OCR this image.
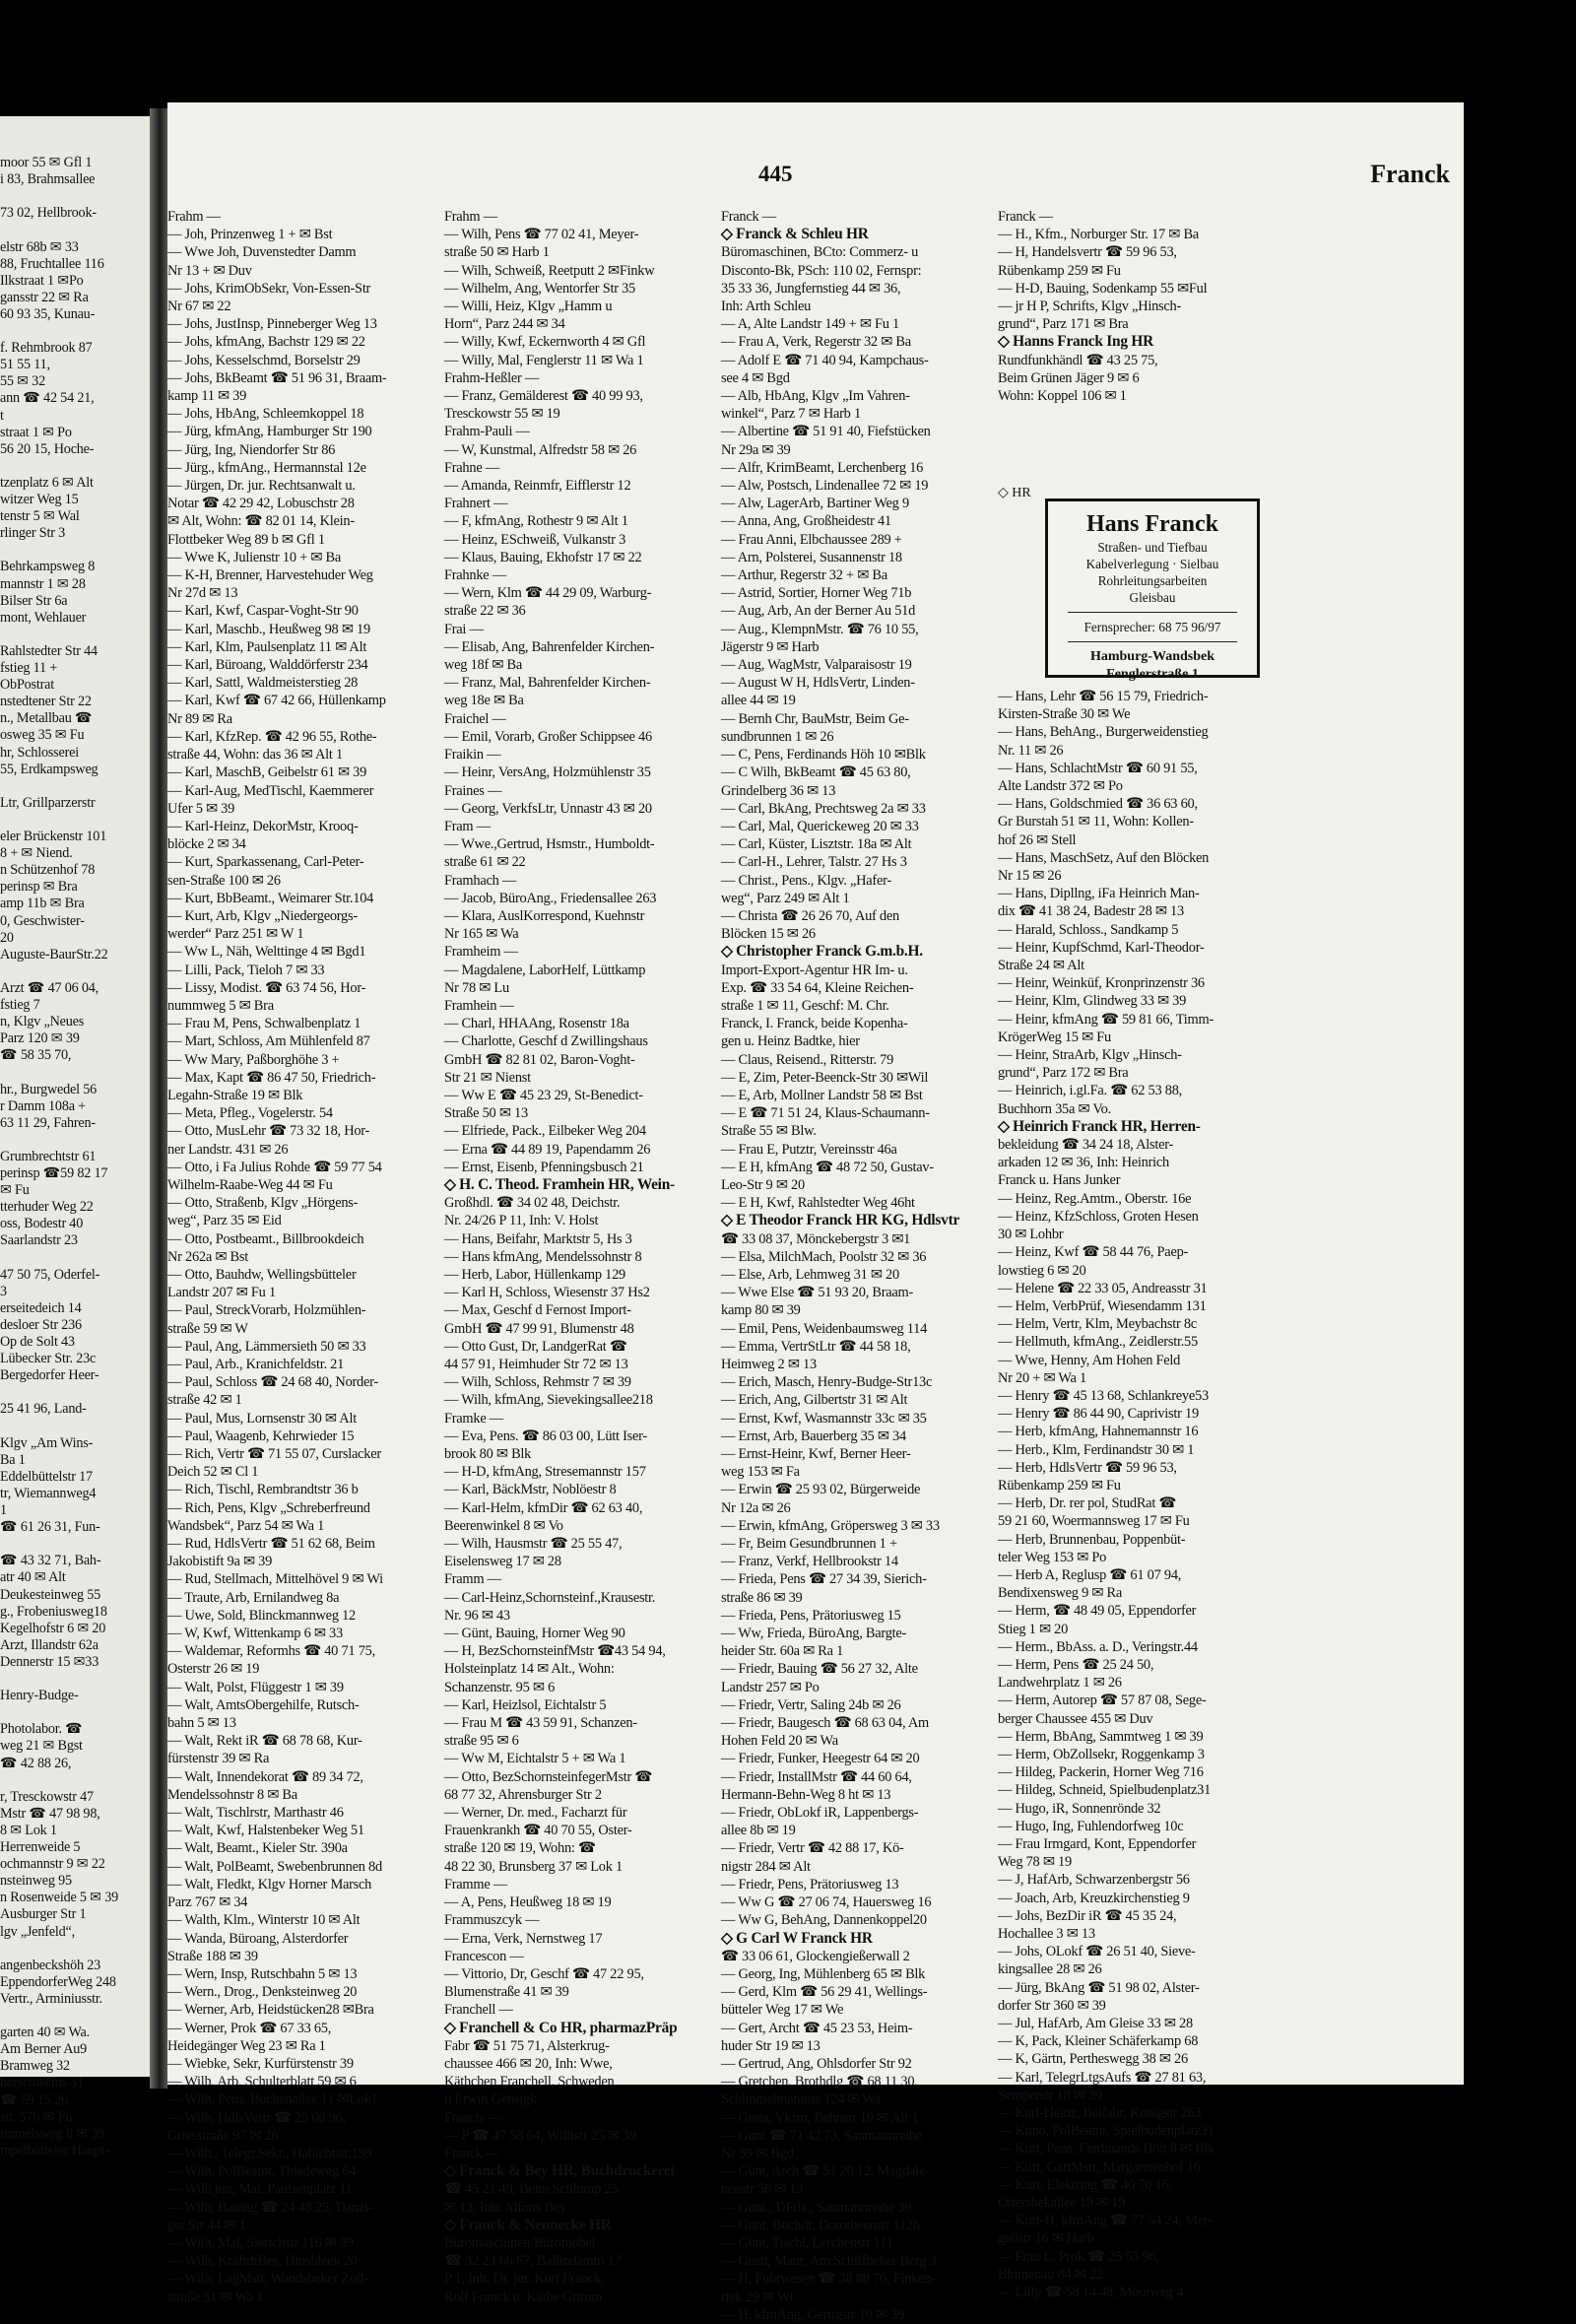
moor 55 ✉ Gfl 1
i 83, Brahmsallee
73 02, Hellbrook-
elstr 68b ✉ 33
88, Fruchtallee 116
Ilkstraat 1 ✉Po
gansstr 22 ✉ Ra
60 93 35, Kunau-
f. Rehmbrook 87
51 55 11,
55 ✉ 32
ann ☎ 42 54 21,
t
straat 1 ✉ Po
56 20 15, Hoche-
tzenplatz 6 ✉ Alt
witzer Weg 15
tenstr 5 ✉ Wal
rlinger Str 3
Behrkampsweg 8
mannstr 1 ✉ 28
Bilser Str 6a
mont, Wehlauer
Rahlstedter Str 44
fstieg 11 +
ObPostrat
nstedtener Str 22
n., Metallbau ☎
osweg 35 ✉ Fu
hr, Schlosserei
55, Erdkampsweg
Ltr, Grillparzerstr
eler Brückenstr 101
8 + ✉ Niend.
n Schützenhof 78
perinsp ✉ Bra
amp 11b ✉ Bra
0, Geschwister-
20
Auguste-BaurStr.22
Arzt ☎ 47 06 04,
fstieg 7
n, Klgv „Neues
Parz 120 ✉ 39
☎ 58 35 70,
hr., Burgwedel 56
r Damm 108a +
63 11 29, Fahren-
Grumbrechtstr 61
perinsp ☎59 82 17
✉ Fu
tterhuder Weg 22
oss, Bodestr 40
Saarlandstr 23
47 50 75, Oderfel-
3
erseitedeich 14
desloer Str 236
Op de Solt 43
Lübecker Str. 23c
Bergedorfer Heer-
25 41 96, Land-
Klgv „Am Wins-
Ba 1
Eddelbüttelstr 17
tr, Wiemannweg4
1
☎ 61 26 31, Fun-
☎ 43 32 71, Bah-
atr 40 ✉ Alt
Deukesteinweg 55
g., Frobeniusweg18
Kegelhofstr 6 ✉ 20
Arzt, Illandstr 62a
Dennerstr 15 ✉33
Henry-Budge-
Photolabor. ☎
weg 21 ✉ Bgst
☎ 42 88 26,
r, Tresckowstr 47
Mstr ☎ 47 98 98,
8 ✉ Lok 1
Herrenweide 5
ochmannstr 9 ✉ 22
nsteinweg 95
n Rosenweide 5 ✉ 39
Ausburger Str 1
lgv „Jenfeld“,
angenbeckshöh 23
EppendorferWeg 248
Vertr., Arminiusstr.
garten 40 ✉ Wa.
Am Berner Au9
Bramweg 32
berschleems 31
☎ 59 15 26,
str. 576 ✉ Fu.
immelsweg 8 ✉ 39
mpelbütteler Haupt-
445	Franck
Frahm —
— Joh, Prinzenweg 1 + ✉ Bst
— Wwe Joh, Duvenstedter Damm
Nr 13 + ✉ Duv
— Johs, KrimObSekr, Von-Essen-Str
Nr 67 ✉ 22
— Johs, JustInsp, Pinneberger Weg 13
— Johs, kfmAng, Bachstr 129 ✉ 22
— Johs, Kesselschmd, Borselstr 29
— Johs, BkBeamt ☎ 51 96 31, Braam-
kamp 11 ✉ 39
— Johs, HbAng, Schleemkoppel 18
— Jürg, kfmAng, Hamburger Str 190
— Jürg, Ing, Niendorfer Str 86
— Jürg., kfmAng., Hermannstal 12e
— Jürgen, Dr. jur. Rechtsanwalt u.
Notar ☎ 42 29 42, Lobuschstr 28
✉ Alt, Wohn: ☎ 82 01 14, Klein-
Flottbeker Weg 89 b ✉ Gfl 1
— Wwe K, Julienstr 10 + ✉ Ba
— K-H, Brenner, Harvestehuder Weg
Nr 27d ✉ 13
— Karl, Kwf, Caspar-Voght-Str 90
— Karl, Maschb., Heußweg 98 ✉ 19
— Karl, Klm, Paulsenplatz 11 ✉ Alt
— Karl, Büroang, Walddörferstr 234
— Karl, Sattl, Waldmeisterstieg 28
— Karl, Kwf ☎ 67 42 66, Hüllenkamp
Nr 89 ✉ Ra
— Karl, KfzRep. ☎ 42 96 55, Rothe-
straße 44, Wohn: das 36 ✉ Alt 1
— Karl, MaschB, Geibelstr 61 ✉ 39
— Karl-Aug, MedTischl, Kaemmerer
Ufer 5 ✉ 39
— Karl-Heinz, DekorMstr, Krooq-
blöcke 2 ✉ 34
— Kurt, Sparkassenang, Carl-Peter-
sen-Straße 100 ✉ 26
— Kurt, BbBeamt., Weimarer Str.104
— Kurt, Arb, Klgv „Niedergeorgs-
werder“ Parz 251 ✉ W 1
— Ww L, Näh, Welttinge 4 ✉ Bgd1
— Lilli, Pack, Tieloh 7 ✉ 33
— Lissy, Modist. ☎ 63 74 56, Hor-
nummweg 5 ✉ Bra
— Frau M, Pens, Schwalbenplatz 1
— Mart, Schloss, Am Mühlenfeld 87
— Ww Mary, Paßborghöhe 3 +
— Max, Kapt ☎ 86 47 50, Friedrich-
Legahn-Straße 19 ✉ Blk
— Meta, Pfleg., Vogelerstr. 54
— Otto, MusLehr ☎ 73 32 18, Hor-
ner Landstr. 431 ✉ 26
— Otto, i Fa Julius Rohde ☎ 59 77 54
Wilhelm-Raabe-Weg 44 ✉ Fu
— Otto, Straßenb, Klgv „Hörgens-
weg“, Parz 35 ✉ Eid
— Otto, Postbeamt., Billbrookdeich
Nr 262a ✉ Bst
— Otto, Bauhdw, Wellingsbütteler
Landstr 207 ✉ Fu 1
— Paul, StreckVorarb, Holzmühlen-
straße 59 ✉ W
— Paul, Ang, Lämmersieth 50 ✉ 33
— Paul, Arb., Kranichfeldstr. 21
— Paul, Schloss ☎ 24 68 40, Norder-
straße 42 ✉ 1
— Paul, Mus, Lornsenstr 30 ✉ Alt
— Paul, Waagenb, Kehrwieder 15
— Rich, Vertr ☎ 71 55 07, Curslacker
Deich 52 ✉ Cl 1
— Rich, Tischl, Rembrandtstr 36 b
— Rich, Pens, Klgv „Schreberfreund
Wandsbek“, Parz 54 ✉ Wa 1
— Rud, HdlsVertr ☎ 51 62 68, Beim
Jakobistift 9a ✉ 39
— Rud, Stellmach, Mittelhövel 9 ✉ Wi
— Traute, Arb, Ernilandweg 8a
— Uwe, Sold, Blinckmannweg 12
— W, Kwf, Wittenkamp 6 ✉ 33
— Waldemar, Reformhs ☎ 40 71 75,
Osterstr 26 ✉ 19
— Walt, Polst, Flüggestr 1 ✉ 39
— Walt, AmtsObergehilfe, Rutsch-
bahn 5 ✉ 13
— Walt, Rekt iR ☎ 68 78 68, Kur-
fürstenstr 39 ✉ Ra
— Walt, Innendekorat ☎ 89 34 72,
Mendelssohnstr 8 ✉ Ba
— Walt, Tischlrstr, Marthastr 46
— Walt, Kwf, Halstenbeker Weg 51
— Walt, Beamt., Kieler Str. 390a
— Walt, PolBeamt, Swebenbrunnen 8d
— Walt, Fledkt, Klgv Horner Marsch
Parz 767 ✉ 34
— Walth, Klm., Winterstr 10 ✉ Alt
— Wanda, Büroang, Alsterdorfer
Straße 188 ✉ 39
— Wern, Insp, Rutschbahn 5 ✉ 13
— Wern., Drog., Denksteinweg 20
— Werner, Arb, Heidstücken28 ✉Bra
— Werner, Prok ☎ 67 33 65,
Heidegänger Weg 23 ✉ Ra 1
— Wiebke, Sekr, Kurfürstenstr 39
— Wilh, Arb, Schulterblatt 59 ✉ 6
— Wilh, Pens, Buchenallee 11 ✉Lok1
— Wilh, HdlsVertr ☎ 25 06 96,
Griesstraße 97 ✉ 26
— Wilh., Telegr.Sekr., Habichtstr.139
— Wilh, PolBeamt, Thiedeweg 64
— Wilh jun, Mal, Paulsenplatz 11
— Wilh, Bauing ☎ 24 48 25, Danzi-
ger Str 44 ✉ 1
— Wilh, Mal, Sierichstr 116 ✉ 39
— Wilh, KraftdrBes, Hinsbleek 20
— Wilh, LagMstr, Wandsbeker Zoll-
straße 51 ✉ Wa 1
Frahm —
— Wilh, Pens ☎ 77 02 41, Meyer-
straße 50 ✉ Harb 1
— Wilh, Schweiß, Reetputt 2 ✉Finkw
— Wilhelm, Ang, Wentorfer Str 35
— Willi, Heiz, Klgv „Hamm u
Horn“, Parz 244 ✉ 34
— Willy, Kwf, Eckernworth 4 ✉ Gfl
— Willy, Mal, Fenglerstr 11 ✉ Wa 1
Frahm-Heßler —
— Franz, Gemälderest ☎ 40 99 93,
Tresckowstr 55 ✉ 19
Frahm-Pauli —
— W, Kunstmal, Alfredstr 58 ✉ 26
Frahne —
— Amanda, Reinmfr, Eifflerstr 12
Frahnert —
— F, kfmAng, Rothestr 9 ✉ Alt 1
— Heinz, ESchweiß, Vulkanstr 3
— Klaus, Bauing, Ekhofstr 17 ✉ 22
Frahnke —
— Wern, Klm ☎ 44 29 09, Warburg-
straße 22 ✉ 36
Frai —
— Elisab, Ang, Bahrenfelder Kirchen-
weg 18f ✉ Ba
— Franz, Mal, Bahrenfelder Kirchen-
weg 18e ✉ Ba
Fraichel —
— Emil, Vorarb, Großer Schippsee 46
Fraikin —
— Heinr, VersAng, Holzmühlenstr 35
Fraines —
— Georg, VerkfsLtr, Unnastr 43 ✉ 20
Fram —
— Wwe.,Gertrud, Hsmstr., Humboldt-
straße 61 ✉ 22
Framhach —
— Jacob, BüroAng., Friedensallee 263
— Klara, AuslKorrespond, Kuehnstr
Nr 165 ✉ Wa
Framheim —
— Magdalene, LaborHelf, Lüttkamp
Nr 78 ✉ Lu
Framhein —
— Charl, HHAAng, Rosenstr 18a
— Charlotte, Geschf d Zwillingshaus
GmbH ☎ 82 81 02, Baron-Voght-
Str 21 ✉ Nienst
— Ww E ☎ 45 23 29, St-Benedict-
Straße 50 ✉ 13
— Elfriede, Pack., Eilbeker Weg 204
— Erna ☎ 44 89 19, Papendamm 26
— Ernst, Eisenb, Pfenningsbusch 21
◇ H. C. Theod. Framhein HR, Wein-
Großhdl. ☎ 34 02 48, Deichstr.
Nr. 24/26 P 11, Inh: V. Holst
— Hans, Beifahr, Marktstr 5, Hs 3
— Hans kfmAng, Mendelssohnstr 8
— Herb, Labor, Hüllenkamp 129
— Karl H, Schloss, Wiesenstr 37 Hs2
— Max, Geschf d Fernost Import-
GmbH ☎ 47 99 91, Blumenstr 48
— Otto Gust, Dr, LandgerRat ☎
44 57 91, Heimhuder Str 72 ✉ 13
— Wilh, Schloss, Rehmstr 7 ✉ 39
— Wilh, kfmAng, Sievekingsallee218
Framke —
— Eva, Pens. ☎ 86 03 00, Lütt Iser-
brook 80 ✉ Blk
— H-D, kfmAng, Stresemannstr 157
— Karl, BäckMstr, Noblöestr 8
— Karl-Helm, kfmDir ☎ 62 63 40,
Beerenwinkel 8 ✉ Vo
— Wilh, Hausmstr ☎ 25 55 47,
Eiselensweg 17 ✉ 28
Framm —
— Carl-Heinz,Schornsteinf.,Krausestr.
Nr. 96 ✉ 43
— Günt, Bauing, Horner Weg 90
— H, BezSchornsteinfMstr ☎43 54 94,
Holsteinplatz 14 ✉ Alt., Wohn:
Schanzenstr. 95 ✉ 6
— Karl, Heizlsol, Eichtalstr 5
— Frau M ☎ 43 59 91, Schanzen-
straße 95 ✉ 6
— Ww M, Eichtalstr 5 + ✉ Wa 1
— Otto, BezSchornsteinfegerMstr ☎
68 77 32, Ahrensburger Str 2
— Werner, Dr. med., Facharzt für
Frauenkrankh ☎ 40 70 55, Oster-
straße 120 ✉ 19, Wohn: ☎
48 22 30, Brunsberg 37 ✉ Lok 1
Framme —
— A, Pens, Heußweg 18 ✉ 19
Frammuszcyk —
— Erna, Verk, Nernstweg 17
Francescon —
— Vittorio, Dr, Geschf ☎ 47 22 95,
Blumenstraße 41 ✉ 39
Franchell —
◇ Franchell & Co HR, pharmazPräp
Fabr ☎ 51 75 71, Alsterkrug-
chaussee 466 ✉ 20, Inh: Wwe,
Käthchen Franchell, Schweden
u Erwin Gensigk
Francis —
— P ☎ 47 58 64, Willistr 25 ✉ 39
Franck —
◇ Franck & Bey HR, Buchdruckerei
☎ 45 21 49, Beim Schlump 25
✉ 13, Inh: Alfons Bey
◇ Franck & Nennecke HR
Büromaschinen/Büromöbel
☎ 32 23 66/67, Ballindamm 17
P 1, Inh: Dr. jur. Kurt Franck,
Rolf Franck u. Käthe Grimm
Franck —
◇ Franck & Schleu HR
Büromaschinen, BCto: Commerz- u
Disconto-Bk, PSch: 110 02, Fernspr:
35 33 36, Jungfernstieg 44 ✉ 36,
Inh: Arth Schleu
— A, Alte Landstr 149 + ✉ Fu 1
— Frau A, Verk, Regerstr 32 ✉ Ba
— Adolf E ☎ 71 40 94, Kampchaus-
see 4 ✉ Bgd
— Alb, HbAng, Klgv „Im Vahren-
winkel“, Parz 7 ✉ Harb 1
— Albertine ☎ 51 91 40, Fiefstücken
Nr 29a ✉ 39
— Alfr, KrimBeamt, Lerchenberg 16
— Alw, Postsch, Lindenallee 72 ✉ 19
— Alw, LagerArb, Bartiner Weg 9
— Anna, Ang, Großheidestr 41
— Frau Anni, Elbchaussee 289 +
— Arn, Polsterei, Susannenstr 18
— Arthur, Regerstr 32 + ✉ Ba
— Astrid, Sortier, Horner Weg 71b
— Aug, Arb, An der Berner Au 51d
— Aug., KlempnMstr. ☎ 76 10 55,
Jägerstr 9 ✉ Harb
— Aug, WagMstr, Valparaisostr 19
— August W H, HdlsVertr, Linden-
allee 44 ✉ 19
— Bernh Chr, BauMstr, Beim Ge-
sundbrunnen 1 ✉ 26
— C, Pens, Ferdinands Höh 10 ✉Blk
— C Wilh, BkBeamt ☎ 45 63 80,
Grindelberg 36 ✉ 13
— Carl, BkAng, Prechtsweg 2a ✉ 33
— Carl, Mal, Querickeweg 20 ✉ 33
— Carl, Küster, Lisztstr. 18a ✉ Alt
— Carl-H., Lehrer, Talstr. 27 Hs 3
— Christ., Pens., Klgv. „Hafer-
weg“, Parz 249 ✉ Alt 1
— Christa ☎ 26 26 70, Auf den
Blöcken 15 ✉ 26
◇ Christopher Franck G.m.b.H.
Import-Export-Agentur HR Im- u.
Exp. ☎ 33 54 64, Kleine Reichen-
straße 1 ✉ 11, Geschf: M. Chr.
Franck, I. Franck, beide Kopenha-
gen u. Heinz Badtke, hier
— Claus, Reisend., Ritterstr. 79
— E, Zim, Peter-Beenck-Str 30 ✉Wil
— E, Arb, Mollner Landstr 58 ✉ Bst
— E ☎ 71 51 24, Klaus-Schaumann-
Straße 55 ✉ Blw.
— Frau E, Putztr, Vereinsstr 46a
— E H, kfmAng ☎ 48 72 50, Gustav-
Leo-Str 9 ✉ 20
— E H, Kwf, Rahlstedter Weg 46ht
◇ E Theodor Franck HR KG, Hdlsvtr
☎ 33 08 37, Mönckebergstr 3 ✉1
— Elsa, MilchMach, Poolstr 32 ✉ 36
— Else, Arb, Lehmweg 31 ✉ 20
— Wwe Else ☎ 51 93 20, Braam-
kamp 80 ✉ 39
— Emil, Pens, Weidenbaumsweg 114
— Emma, VertrStLtr ☎ 44 58 18,
Heimweg 2 ✉ 13
— Erich, Masch, Henry-Budge-Str13c
— Erich, Ang, Gilbertstr 31 ✉ Alt
— Ernst, Kwf, Wasmannstr 33c ✉ 35
— Ernst, Arb, Bauerberg 35 ✉ 34
— Ernst-Heinr, Kwf, Berner Heer-
weg 153 ✉ Fa
— Erwin ☎ 25 93 02, Bürgerweide
Nr 12a ✉ 26
— Erwin, kfmAng, Gröpersweg 3 ✉ 33
— Fr, Beim Gesundbrunnen 1 +
— Franz, Verkf, Hellbrookstr 14
— Frieda, Pens ☎ 27 34 39, Sierich-
straße 86 ✉ 39
— Frieda, Pens, Prätoriusweg 15
— Ww, Frieda, BüroAng, Bargte-
heider Str. 60a ✉ Ra 1
— Friedr, Bauing ☎ 56 27 32, Alte
Landstr 257 ✉ Po
— Friedr, Vertr, Saling 24b ✉ 26
— Friedr, Baugesch ☎ 68 63 04, Am
Hohen Feld 20 ✉ Wa
— Friedr, Funker, Heegestr 64 ✉ 20
— Friedr, InstallMstr ☎ 44 60 64,
Hermann-Behn-Weg 8 ht ✉ 13
— Friedr, ObLokf iR, Lappenbergs-
allee 8b ✉ 19
— Friedr, Vertr ☎ 42 88 17, Kö-
nigstr 284 ✉ Alt
— Friedr, Pens, Prätoriusweg 13
— Ww G ☎ 27 06 74, Hauersweg 16
— Ww G, BehAng, Dannenkoppel20
◇ G Carl W Franck HR
☎ 33 06 61, Glockengießerwall 2
— Georg, Ing, Mühlenberg 65 ✉ Blk
— Gerd, Klm ☎ 56 29 41, Wellings-
bütteler Weg 17 ✉ We
— Gert, Archt ☎ 45 23 53, Heim-
huder Str 19 ✉ 13
— Gertrud, Ang, Ohlsdorfer Str 92
— Gretchen, Brothdlg ☎ 68 11 30,
Schimmelmannstr 124 ✉ Wa
— Greta, Vkfrn, Behnstr 19 ✉ Alt 1
— Günt ☎ 71 42 73, Sanmannreihe
Nr 39 ✉ Bgd
— Günt, Arch ☎ 51 20 12, Magdale-
nenstr 56 ✉ 13
— Günt., DFris., Sanmannreihe 39
— Günt, Buchdr, Dorotheenstr 112b
— Günt, Tischl, Lerchenstr 111
— Gusti, Maur, Am Schiffbeker Berg 3
— H, Fuhrwesen ☎ 38 88 76, Finken-
riek 29 ✉ Wi
— H, kfmAng, Gertigstr 10 ✉ 39
Franck —
— H., Kfm., Norburger Str. 17 ✉ Ba
— H, Handelsvertr ☎ 59 96 53,
Rübenkamp 259 ✉ Fu
— H-D, Bauing, Sodenkamp 55 ✉Ful
— jr H P, Schrifts, Klgv „Hinsch-
grund“, Parz 171 ✉ Bra
◇ Hanns Franck Ing HR
Rundfunkhändl ☎ 43 25 75,
Beim Grünen Jäger 9 ✉ 6
Wohn: Koppel 106 ✉ 1
◇ HR
Hans Franck
Straßen- und Tiefbau
Kabelverlegung · Sielbau
Rohrleitungsarbeiten
Gleisbau
Fernsprecher: 68 75 96/97
Hamburg-Wandsbek
Fenglerstraße 1
— Hans, Lehr ☎ 56 15 79, Friedrich-
Kirsten-Straße 30 ✉ We
— Hans, BehAng., Burgerweidenstieg
Nr. 11 ✉ 26
— Hans, SchlachtMstr ☎ 60 91 55,
Alte Landstr 372 ✉ Po
— Hans, Goldschmied ☎ 36 63 60,
Gr Burstah 51 ✉ 11, Wohn: Kollen-
hof 26 ✉ Stell
— Hans, MaschSetz, Auf den Blöcken
Nr 15 ✉ 26
— Hans, Dipllng, iFa Heinrich Man-
dix ☎ 41 38 24, Badestr 28 ✉ 13
— Harald, Schloss., Sandkamp 5
— Heinr, KupfSchmd, Karl-Theodor-
Straße 24 ✉ Alt
— Heinr, Weinküf, Kronprinzenstr 36
— Heinr, Klm, Glindweg 33 ✉ 39
— Heinr, kfmAng ☎ 59 81 66, Timm-
KrögerWeg 15 ✉ Fu
— Heinr, StraArb, Klgv „Hinsch-
grund“, Parz 172 ✉ Bra
— Heinrich, i.gl.Fa. ☎ 62 53 88,
Buchhorn 35a ✉ Vo.
◇ Heinrich Franck HR, Herren-
bekleidung ☎ 34 24 18, Alster-
arkaden 12 ✉ 36, Inh: Heinrich
Franck u. Hans Junker
— Heinz, Reg.Amtm., Oberstr. 16e
— Heinz, KfzSchloss, Groten Hesen
30 ✉ Lohbr
— Heinz, Kwf ☎ 58 44 76, Paep-
lowstieg 6 ✉ 20
— Helene ☎ 22 33 05, Andreasstr 31
— Helm, VerbPrüf, Wiesendamm 131
— Helm, Vertr, Klm, Meybachstr 8c
— Hellmuth, kfmAng., Zeidlerstr.55
— Wwe, Henny, Am Hohen Feld
Nr 20 + ✉ Wa 1
— Henry ☎ 45 13 68, Schlankreye53
— Henry ☎ 86 44 90, Caprivistr 19
— Herb, kfmAng, Hahnemannstr 16
— Herb., Klm, Ferdinandstr 30 ✉ 1
— Herb, HdlsVertr ☎ 59 96 53,
Rübenkamp 259 ✉ Fu
— Herb, Dr. rer pol, StudRat ☎
59 21 60, Woermannsweg 17 ✉ Fu
— Herb, Brunnenbau, Poppenbüt-
teler Weg 153 ✉ Po
— Herb A, Reglusp ☎ 61 07 94,
Bendixensweg 9 ✉ Ra
— Herm, ☎ 48 49 05, Eppendorfer
Stieg 1 ✉ 20
— Herm., BbAss. a. D., Veringstr.44
— Herm, Pens ☎ 25 24 50,
Landwehrplatz 1 ✉ 26
— Herm, Autorep ☎ 57 87 08, Sege-
berger Chaussee 455 ✉ Duv
— Herm, BbAng, Sammtweg 1 ✉ 39
— Herm, ObZollsekr, Roggenkamp 3
— Hildeg, Packerin, Horner Weg 716
— Hildeg, Schneid, Spielbudenplatz31
— Hugo, iR, Sonnenrönde 32
— Hugo, Ing, Fuhlendorfweg 10c
— Frau Irmgard, Kont, Eppendorfer
Weg 78 ✉ 19
— J, HafArb, Schwarzenbergstr 56
— Joach, Arb, Kreuzkirchenstieg 9
— Johs, BezDir iR ☎ 45 35 24,
Hochallee 3 ✉ 13
— Johs, OLokf ☎ 26 51 40, Sieve-
kingsallee 28 ✉ 26
— Jürg, BkAng ☎ 51 98 02, Alster-
dorfer Str 360 ✉ 39
— Jul, HafArb, Am Gleise 33 ✉ 28
— K, Pack, Kleiner Schäferkamp 68
— K, Gärtn, Pertheswegg 38 ✉ 26
— Karl, TelegrLtgsAufs ☎ 27 81 63,
Semperstr 18 ✉ 39
— Karl-Heinz, Beifahr, Königstr 263
— Kuno, PolBeamt, Spielbudenplatz31
— Kurt, Pens, Ferdinands Höh 8 ✉ Blk
— Kurt, GartMstr, Margaretenhof 16
— Kurt, Elektring ☎ 40 70 16,
Ottersbekallee 19 ✉ 19
— Kurt-H, kfmAng ☎ 77 54 24, Mer-
gellstr 16 ✉ Harb
— Frau L, Prok ☎ 25 55 96,
Blumenau 84 ✉ 22
— Lilly ☎ 58 14 48, Moorweg 4
